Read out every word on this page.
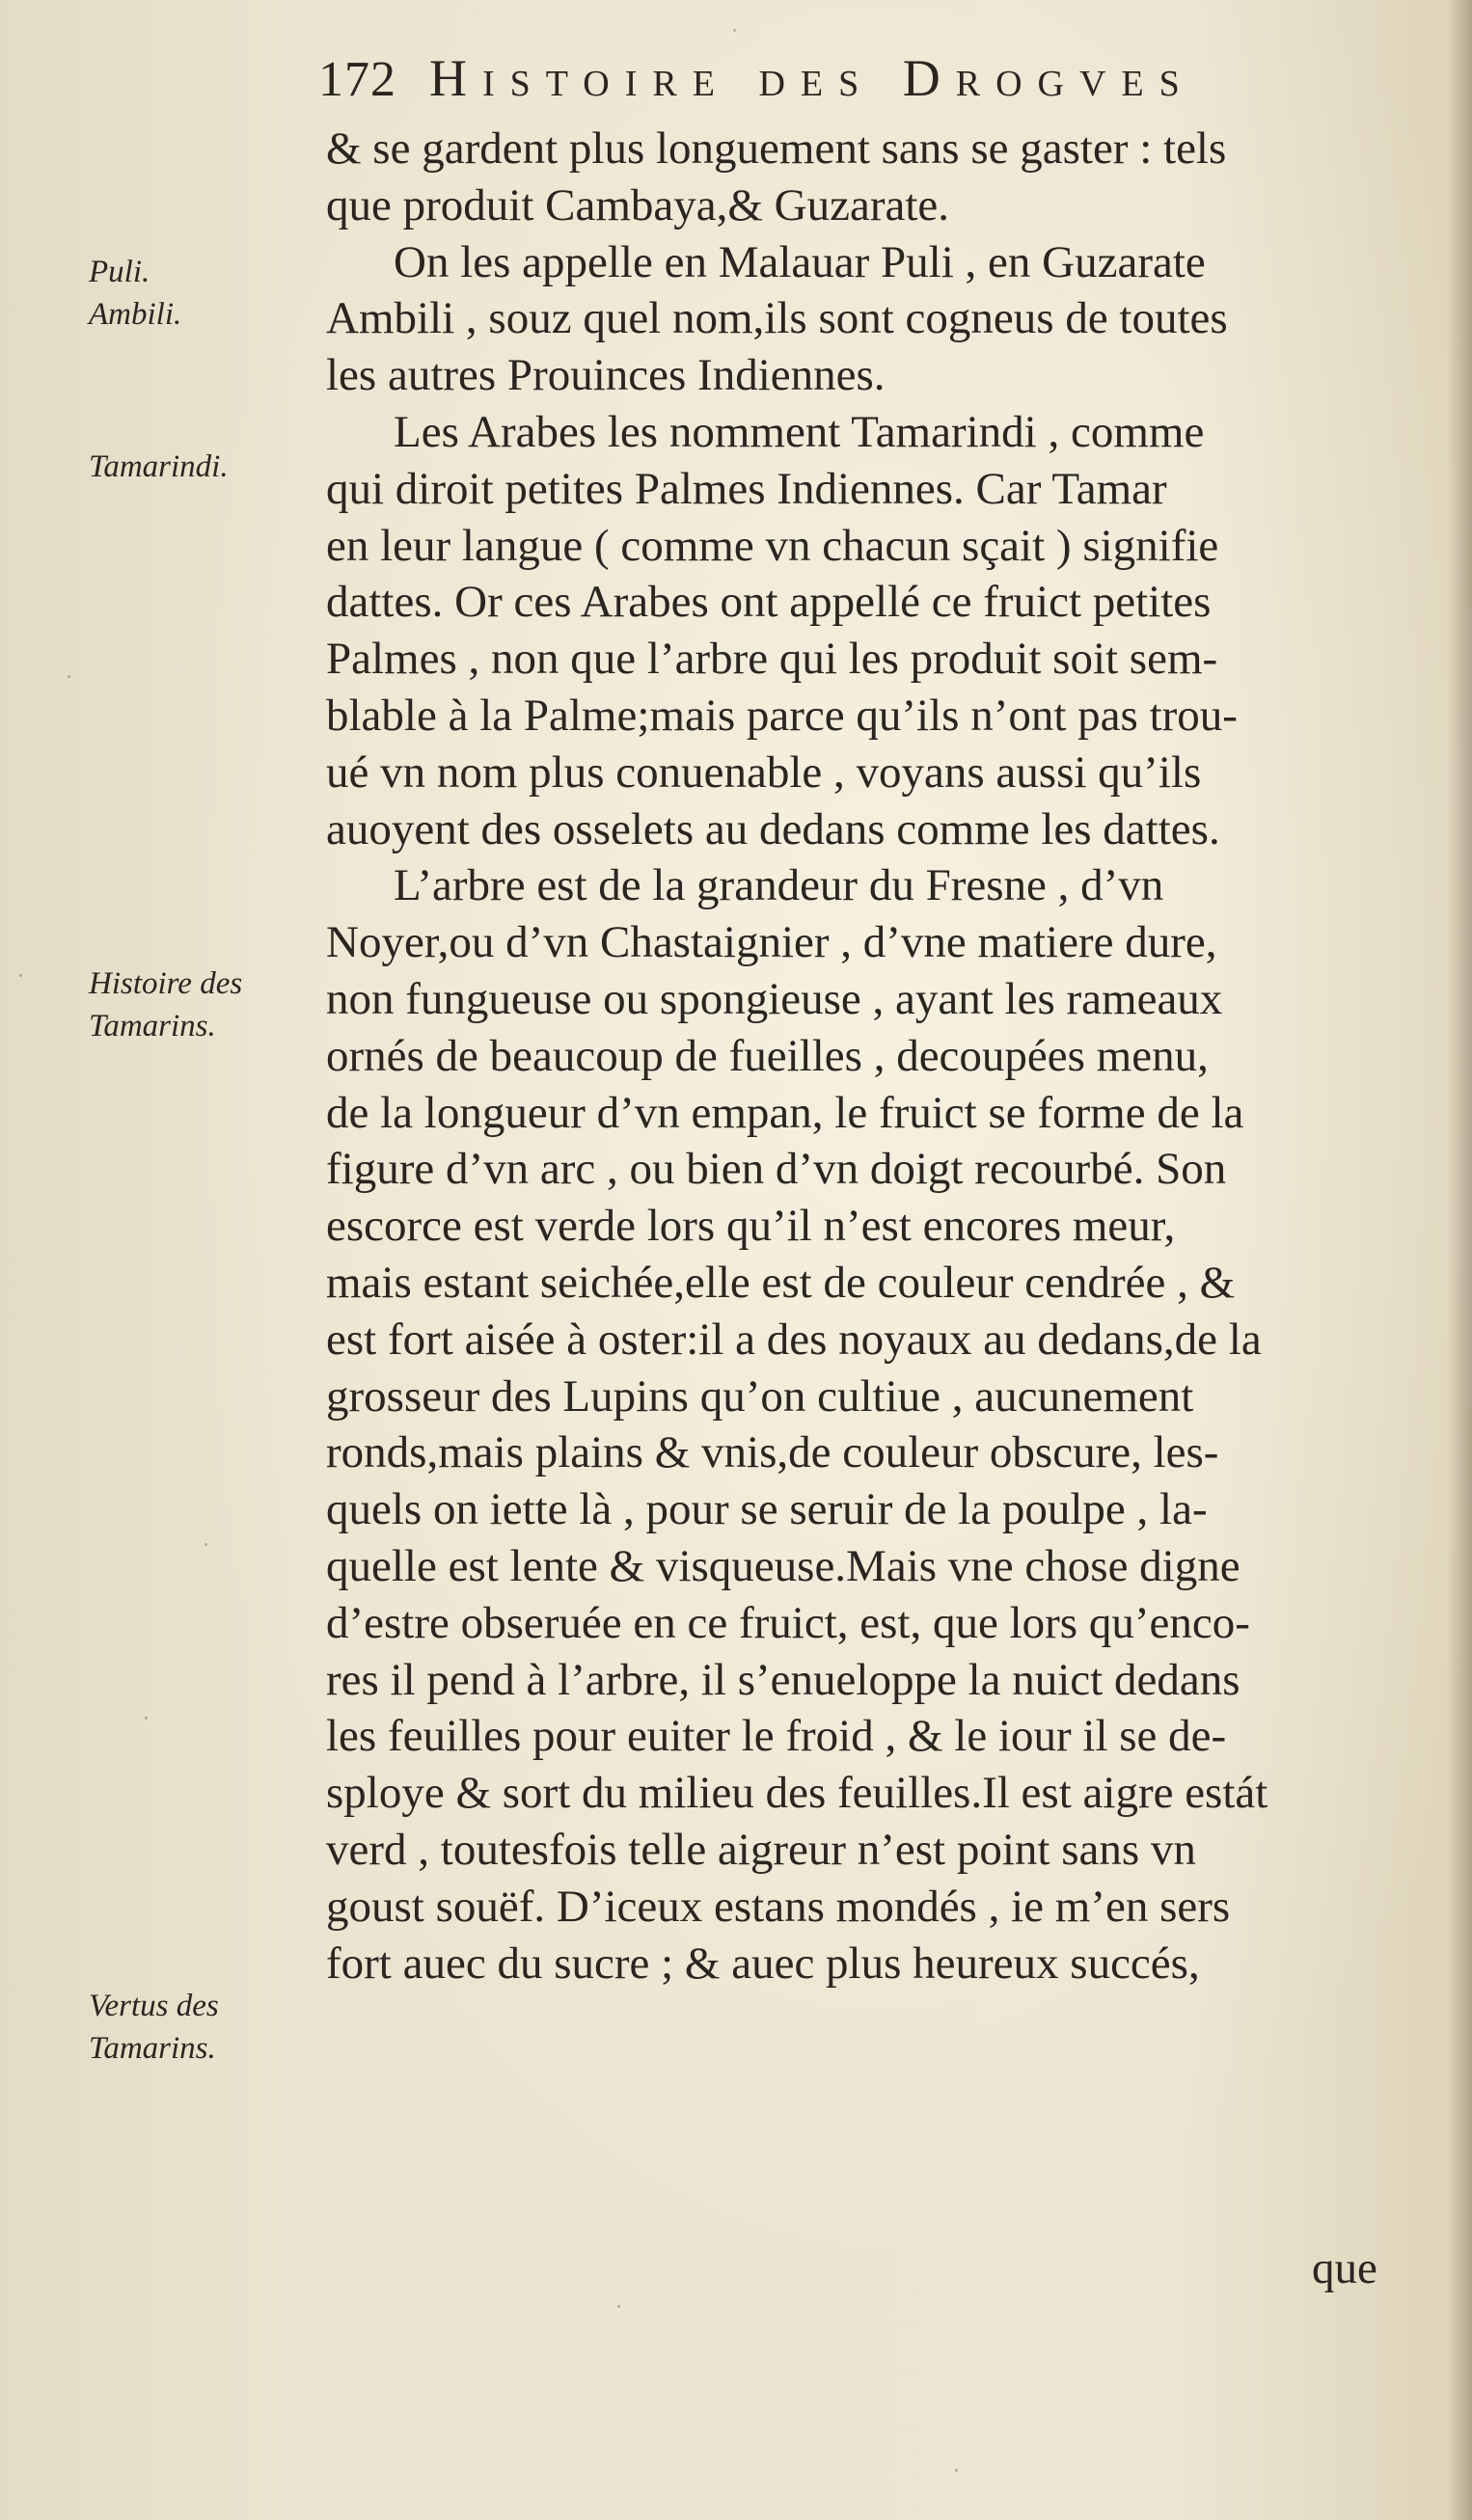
172 Histoire des Drogves
& se gardent plus longuement sans se gaster : tels
que produit Cambaya,& Guzarate.
On les appelle en Malauar Puli , en Guzarate
Ambili , souz quel nom,ils sont cogneus de toutes
les autres Prouinces Indiennes.
Les Arabes les nomment Tamarindi , comme
qui diroit petites Palmes Indiennes. Car Tamar
en leur langue ( comme vn chacun sçait ) signifie
dattes. Or ces Arabes ont appellé ce fruict petites
Palmes , non que l’arbre qui les produit soit sem-
blable à la Palme;mais parce qu’ils n’ont pas trou-
ué vn nom plus conuenable , voyans aussi qu’ils
auoyent des osselets au dedans comme les dattes.
L’arbre est de la grandeur du Fresne , d’vn
Noyer,ou d’vn Chastaignier , d’vne matiere dure,
non fungueuse ou spongieuse , ayant les rameaux
ornés de beaucoup de fueilles , decoupées menu,
de la longueur d’vn empan, le fruict se forme de la
figure d’vn arc , ou bien d’vn doigt recourbé. Son
escorce est verde lors qu’il n’est encores meur,
mais estant seichée,elle est de couleur cendrée , &
est fort aisée à oster:il a des noyaux au dedans,de la
grosseur des Lupins qu’on cultiue , aucunement
ronds,mais plains & vnis,de couleur obscure, les-
quels on iette là , pour se seruir de la poulpe , la-
quelle est lente & visqueuse.Mais vne chose digne
d’estre obseruée en ce fruict, est, que lors qu’enco-
res il pend à l’arbre, il s’enueloppe la nuict dedans
les feuilles pour euiter le froid , & le iour il se de-
sploye & sort du milieu des feuilles.Il est aigre estát
verd , toutesfois telle aigreur n’est point sans vn
goust souëf. D’iceux estans mondés , ie m’en sers
fort auec du sucre ; & auec plus heureux succés,
que
Puli.
Ambili.
Tamarindi.
Histoire des
Tamarins.
Vertus des
Tamarins.
